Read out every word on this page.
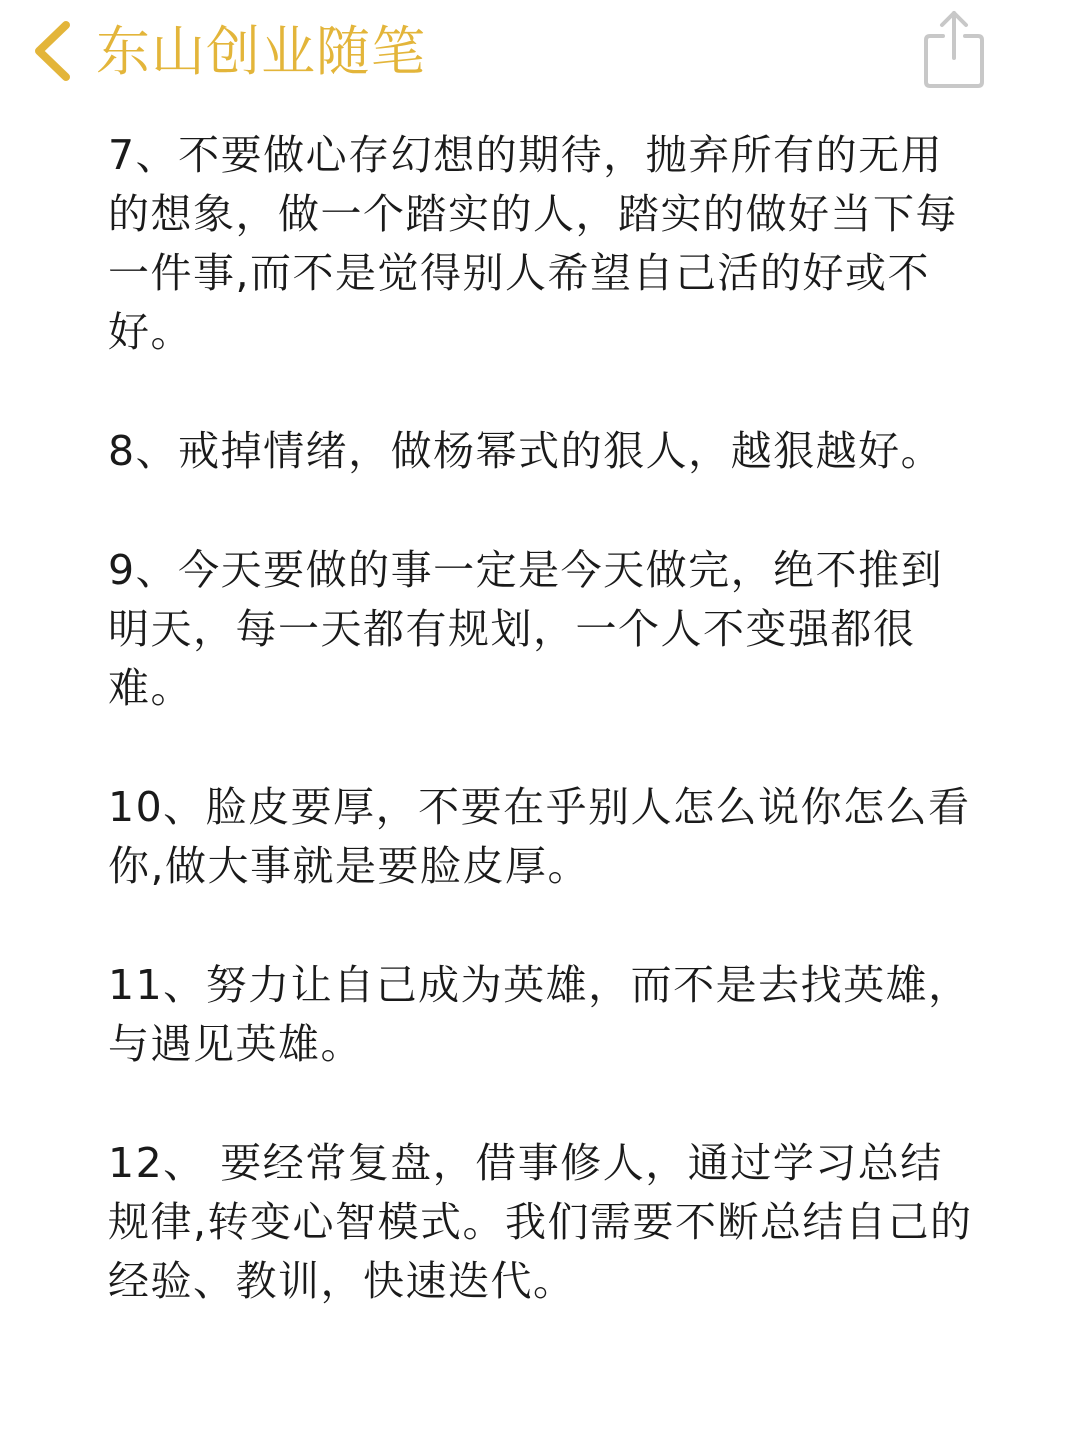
东山创业随笔

7、不要做心存幻想的期待，抛弃所有的无用的想象，做一个踏实的人，踏实的做好当下每一件事,而不是觉得别人希望自己活的好或不好。

8、戒掉情绪，做杨幂式的狠人，越狠越好。

9、今天要做的事一定是今天做完，绝不推到明天，每一天都有规划，一个人不变强都很难。

10、脸皮要厚，不要在乎别人怎么说你怎么看你,做大事就是要脸皮厚。

11、努力让自己成为英雄，而不是去找英雄，与遇见英雄。

12、 要经常复盘，借事修人，通过学习总结规律,转变心智模式。我们需要不断总结自己的经验、教训，快速迭代。
